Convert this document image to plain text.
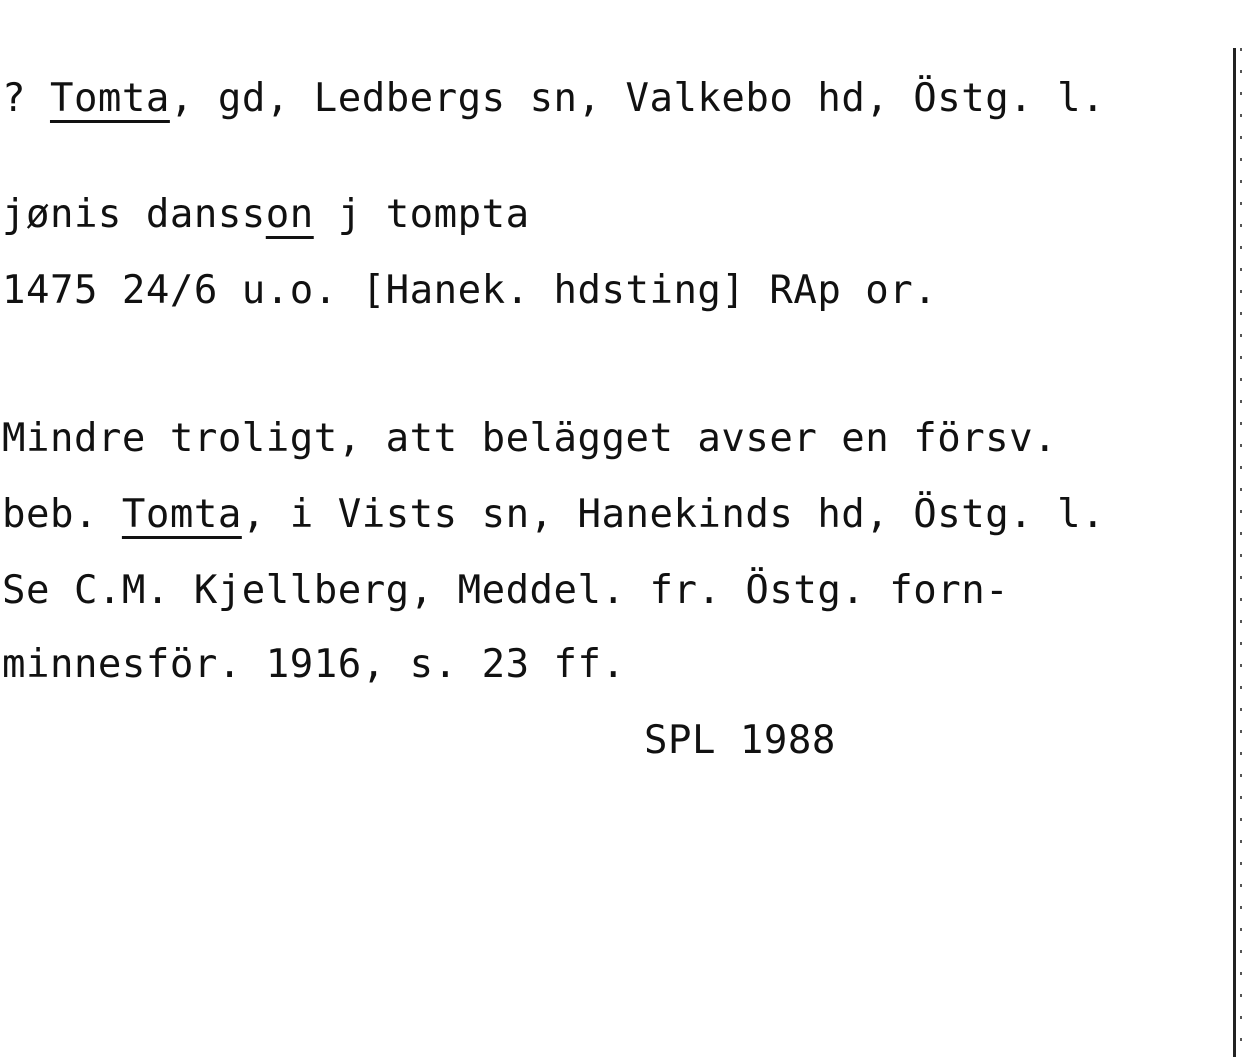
? Tomta, gd, Ledbergs sn, Valkebo hd, Östg. l.
jønis dansson j tompta
1475 24/6 u.o. [Hanek. hdsting] RAp or.
Mindre troligt, att belägget avser en försv.
beb. Tomta, i Vists sn, Hanekinds hd, Östg. l.
Se C.M. Kjellberg, Meddel. fr. Östg. forn-
minnesför. 1916, s. 23 ff.
SPL 1988
